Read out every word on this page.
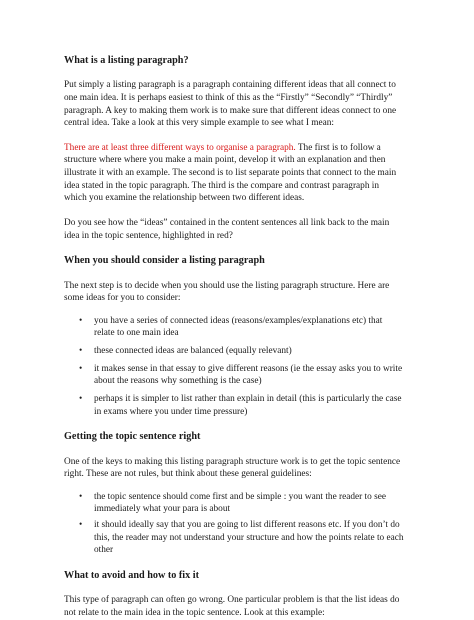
What is a listing paragraph?

Put simply a listing paragraph is a paragraph containing different ideas that all connect to one main idea. It is perhaps easiest to think of this as the “Firstly” “Secondly” “Thirdly” paragraph. A key to making them work is to make sure that different ideas connect to one central idea. Take a look at this very simple example to see what I mean:

There are at least three different ways to organise a paragraph. The first is to follow a structure where where you make a main point, develop it with an explanation and then illustrate it with an example. The second is to list separate points that connect to the main idea stated in the topic paragraph. The third is the compare and contrast paragraph in which you examine the relationship between two different ideas.

Do you see how the “ideas” contained in the content sentences all link back to the main idea in the topic sentence, highlighted in red?

When you should consider a listing paragraph

The next step is to decide when you should use the listing paragraph structure. Here are some ideas for you to consider:

• you have a series of connected ideas (reasons/examples/explanations etc) that relate to one main idea
• these connected ideas are balanced (equally relevant)
• it makes sense in that essay to give different reasons (ie the essay asks you to write about the reasons why something is the case)
• perhaps it is simpler to list rather than explain in detail (this is particularly the case in exams where you under time pressure)
Getting the topic sentence right

One of the keys to making this listing paragraph structure work is to get the topic sentence right. These are not rules, but think about these general guidelines:

• the topic sentence should come first and be simple : you want the reader to see immediately what your para is about
• it should ideally say that you are going to list different reasons etc. If you don’t do this, the reader may not understand your structure and how the points relate to each other
What to avoid and how to fix it

This type of paragraph can often go wrong. One particular problem is that the list ideas do not relate to the main idea in the topic sentence. Look at this example:
